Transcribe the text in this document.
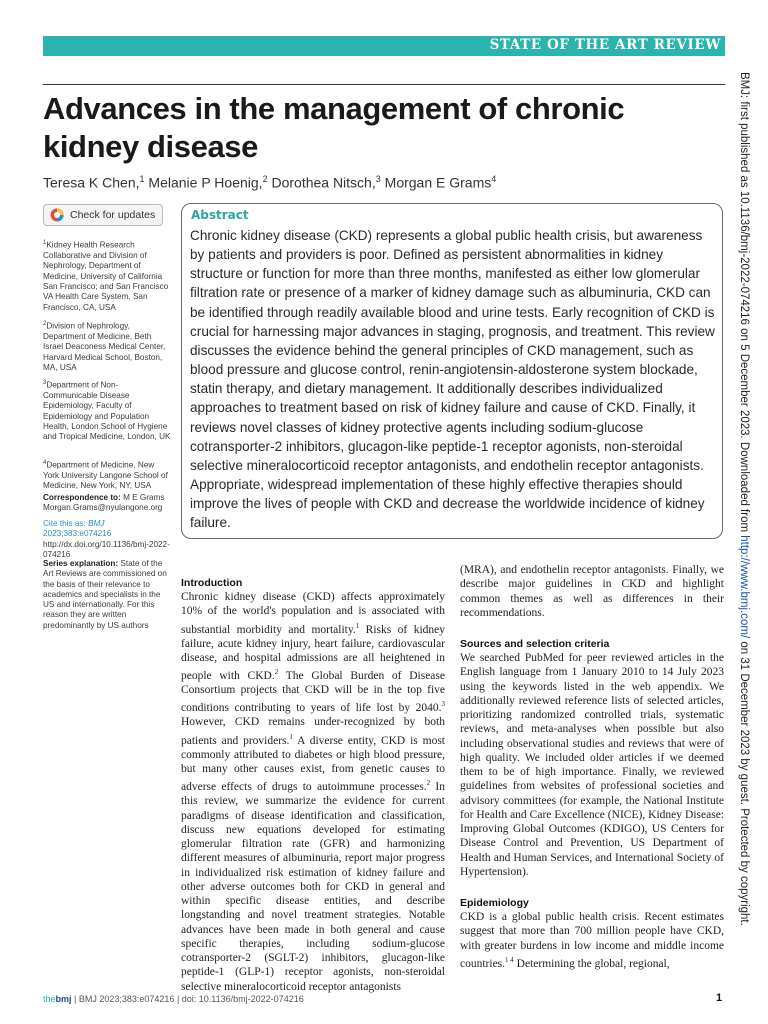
STATE OF THE ART REVIEW
Advances in the management of chronic kidney disease
Teresa K Chen,$^1$ Melanie P Hoenig,$^2$ Dorothea Nitsch,$^3$ Morgan E Grams$^4$
Check for updates
$^1$Kidney Health Research Collaborative and Division of Nephrology, Department of Medicine, University of California San Francisco; and San Francisco VA Health Care System, San Francisco, CA, USA
$^2$Division of Nephrology, Department of Medicine, Beth Israel Deaconess Medical Center, Harvard Medical School, Boston, MA, USA
$^3$Department of Non-Communicable Disease Epidemiology, Faculty of Epidemiology and Population Health, London School of Hygiene and Tropical Medicine, London, UK
$^4$Department of Medicine, New York University Langone School of Medicine, New York, NY, USA
Correspondence to: M E Grams
Morgan.Grams@nyulangone.org
Cite this as: BMJ 2023;383:e074216
http://dx.doi.org/10.1136/bmj-2022-074216
Series explanation: State of the Art Reviews are commissioned on the basis of their relevance to academics and specialists in the US and internationally. For this reason they are written predominantly by US authors
Abstract

Chronic kidney disease (CKD) represents a global public health crisis, but awareness by patients and providers is poor. Defined as persistent abnormalities in kidney structure or function for more than three months, manifested as either low glomerular filtration rate or presence of a marker of kidney damage such as albuminuria, CKD can be identified through readily available blood and urine tests. Early recognition of CKD is crucial for harnessing major advances in staging, prognosis, and treatment. This review discusses the evidence behind the general principles of CKD management, such as blood pressure and glucose control, renin-angiotensin-aldosterone system blockade, statin therapy, and dietary management. It additionally describes individualized approaches to treatment based on risk of kidney failure and cause of CKD. Finally, it reviews novel classes of kidney protective agents including sodium-glucose cotransporter-2 inhibitors, glucagon-like peptide-1 receptor agonists, non-steroidal selective mineralocorticoid receptor antagonists, and endothelin receptor antagonists. Appropriate, widespread implementation of these highly effective therapies should improve the lives of people with CKD and decrease the worldwide incidence of kidney failure.

Introduction

Chronic kidney disease (CKD) affects approximately 10% of the world's population and is associated with substantial morbidity and mortality.$^1$ Risks of kidney failure, acute kidney injury, heart failure, cardiovascular disease, and hospital admissions are all heightened in people with CKD.$^2$ The Global Burden of Disease Consortium projects that CKD will be in the top five conditions contributing to years of life lost by 2040.$^3$ However, CKD remains under-recognized by both patients and providers.$^1$ A diverse entity, CKD is most commonly attributed to diabetes or high blood pressure, but many other causes exist, from genetic causes to adverse effects of drugs to autoimmune processes.$^2$ In this review, we summarize the evidence for current paradigms of disease identification and classification, discuss new equations developed for estimating glomerular filtration rate (GFR) and harmonizing different measures of albuminuria, report major progress in individualized risk estimation of kidney failure and other adverse outcomes both for CKD in general and within specific disease entities, and describe longstanding and novel treatment strategies. Notable advances have been made in both general and cause specific therapies, including sodium-glucose cotransporter-2 (SGLT-2) inhibitors, glucagon-like peptide-1 (GLP-1) receptor agonists, non-steroidal selective mineralocorticoid receptor antagonists

(MRA), and endothelin receptor antagonists. Finally, we describe major guidelines in CKD and highlight common themes as well as differences in their recommendations.

Sources and selection criteria

We searched PubMed for peer reviewed articles in the English language from 1 January 2010 to 14 July 2023 using the keywords listed in the web appendix. We additionally reviewed reference lists of selected articles, prioritizing randomized controlled trials, systematic reviews, and meta-analyses when possible but also including observational studies and reviews that were of high quality. We included older articles if we deemed them to be of high importance. Finally, we reviewed guidelines from websites of professional societies and advisory committees (for example, the National Institute for Health and Care Excellence (NICE), Kidney Disease: Improving Global Outcomes (KDIGO), US Centers for Disease Control and Prevention, US Department of Health and Human Services, and International Society of Hypertension).

Epidemiology

CKD is a global public health crisis. Recent estimates suggest that more than 700 million people have CKD, with greater burdens in low income and middle income countries.$^{1 4}$ Determining the global, regional,

BMJ: first published as 10.1136/bmj-2022-074216 on 5 December 2023. Downloaded from http://www.bmj.com/ on 31 December 2023 by guest. Protected by copyright.
thebmj | BMJ 2023;383:e074216 | doi: 10.1136/bmj-2022-074216	1
